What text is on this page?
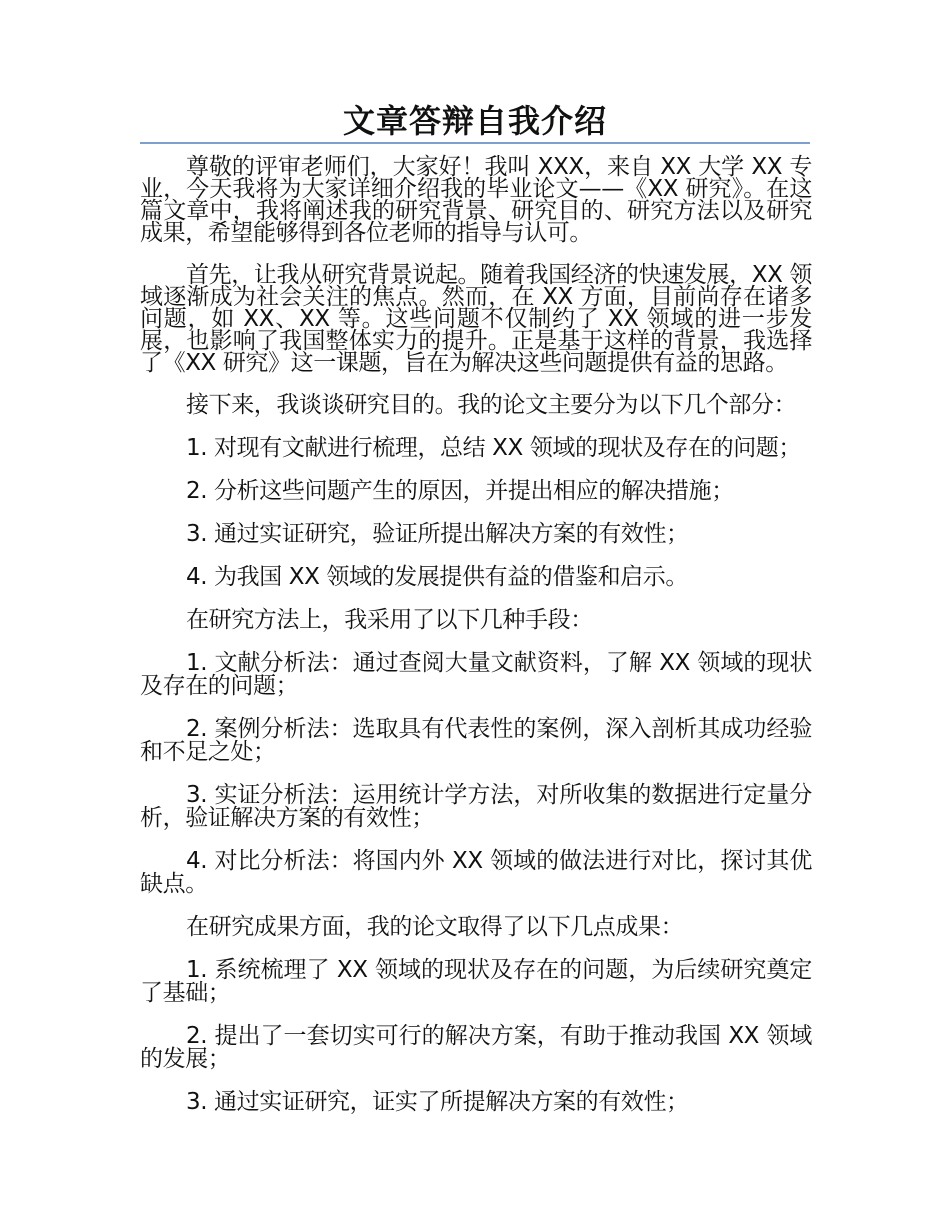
文章答辩自我介绍

尊敬的评审老师们，大家好！我叫 XXX，来自 XX 大学 XX 专业，今天我将为大家详细介绍我的毕业论文——《XX 研究》。在这篇文章中，我将阐述我的研究背景、研究目的、研究方法以及研究成果，希望能够得到各位老师的指导与认可。

首先，让我从研究背景说起。随着我国经济的快速发展，XX 领域逐渐成为社会关注的焦点。然而，在 XX 方面，目前尚存在诸多问题，如 XX、XX 等。这些问题不仅制约了 XX 领域的进一步发展，也影响了我国整体实力的提升。正是基于这样的背景，我选择了《XX 研究》这一课题，旨在为解决这些问题提供有益的思路。

接下来，我谈谈研究目的。我的论文主要分为以下几个部分：

1. 对现有文献进行梳理，总结 XX 领域的现状及存在的问题；

2. 分析这些问题产生的原因，并提出相应的解决措施；

3. 通过实证研究，验证所提出解决方案的有效性；

4. 为我国 XX 领域的发展提供有益的借鉴和启示。

在研究方法上，我采用了以下几种手段：

1. 文献分析法：通过查阅大量文献资料，了解 XX 领域的现状及存在的问题；

2. 案例分析法：选取具有代表性的案例，深入剖析其成功经验和不足之处；

3. 实证分析法：运用统计学方法，对所收集的数据进行定量分析，验证解决方案的有效性；

4. 对比分析法：将国内外 XX 领域的做法进行对比，探讨其优缺点。

在研究成果方面，我的论文取得了以下几点成果：

1. 系统梳理了 XX 领域的现状及存在的问题，为后续研究奠定了基础；

2. 提出了一套切实可行的解决方案，有助于推动我国 XX 领域的发展；

3. 通过实证研究，证实了所提解决方案的有效性；
